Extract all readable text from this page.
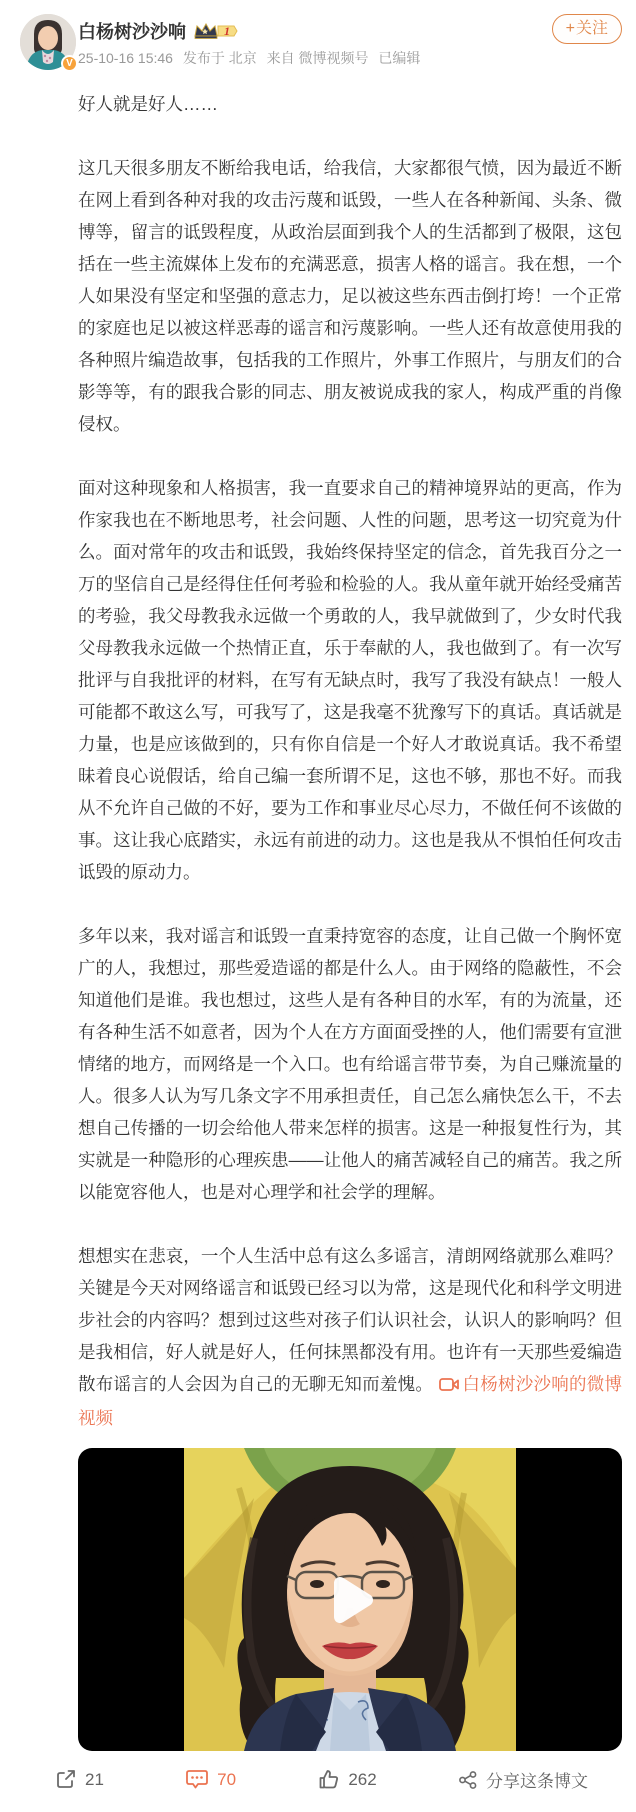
V
白杨树沙沙响	1
25-10-16 15:46 发布于 北京 来自 微博视频号 已编辑
+ 关注

好人就是好人……

这几天很多朋友不断给我电话，给我信，大家都很气愤，因为最近不断在网上看到各种对我的攻击污蔑和诋毁，一些人在各种新闻、头条、微博等，留言的诋毁程度，从政治层面到我个人的生活都到了极限，这包括在一些主流媒体上发布的充满恶意，损害人格的谣言。我在想，一个人如果没有坚定和坚强的意志力，足以被这些东西击倒打垮！一个正常的家庭也足以被这样恶毒的谣言和污蔑影响。一些人还有故意使用我的各种照片编造故事，包括我的工作照片，外事工作照片，与朋友们的合影等等，有的跟我合影的同志、朋友被说成我的家人，构成严重的肖像侵权。

面对这种现象和人格损害，我一直要求自己的精神境界站的更高，作为作家我也在不断地思考，社会问题、人性的问题，思考这一切究竟为什么。面对常年的攻击和诋毁，我始终保持坚定的信念，首先我百分之一万的坚信自己是经得住任何考验和检验的人。我从童年就开始经受痛苦的考验，我父母教我永远做一个勇敢的人，我早就做到了，少女时代我父母教我永远做一个热情正直，乐于奉献的人，我也做到了。有一次写批评与自我批评的材料，在写有无缺点时，我写了我没有缺点！一般人可能都不敢这么写，可我写了，这是我毫不犹豫写下的真话。真话就是力量，也是应该做到的，只有你自信是一个好人才敢说真话。我不希望昧着良心说假话，给自己编一套所谓不足，这也不够，那也不好。而我从不允许自己做的不好，要为工作和事业尽心尽力，不做任何不该做的事。这让我心底踏实，永远有前进的动力。这也是我从不惧怕任何攻击诋毁的原动力。

多年以来，我对谣言和诋毁一直秉持宽容的态度，让自己做一个胸怀宽广的人，我想过，那些爱造谣的都是什么人。由于网络的隐蔽性，不会知道他们是谁。我也想过，这些人是有各种目的水军，有的为流量，还有各种生活不如意者，因为个人在方方面面受挫的人，他们需要有宣泄情绪的地方，而网络是一个入口。也有给谣言带节奏，为自己赚流量的人。很多人认为写几条文字不用承担责任，自己怎么痛快怎么干，不去想自己传播的一切会给他人带来怎样的损害。这是一种报复性行为，其实就是一种隐形的心理疾患——让他人的痛苦减轻自己的痛苦。我之所以能宽容他人，也是对心理学和社会学的理解。

想想实在悲哀，一个人生活中总有这么多谣言，清朗网络就那么难吗？关键是今天对网络谣言和诋毁已经习以为常，这是现代化和科学文明进步社会的内容吗？想到过这些对孩子们认识社会，认识人的影响吗？但是我相信，好人就是好人，任何抹黑都没有用。也许有一天那些爱编造散布谣言的人会因为自己的无聊无知而羞愧。 白杨树沙沙响的微博视频

21	70	262	分享这条博文
